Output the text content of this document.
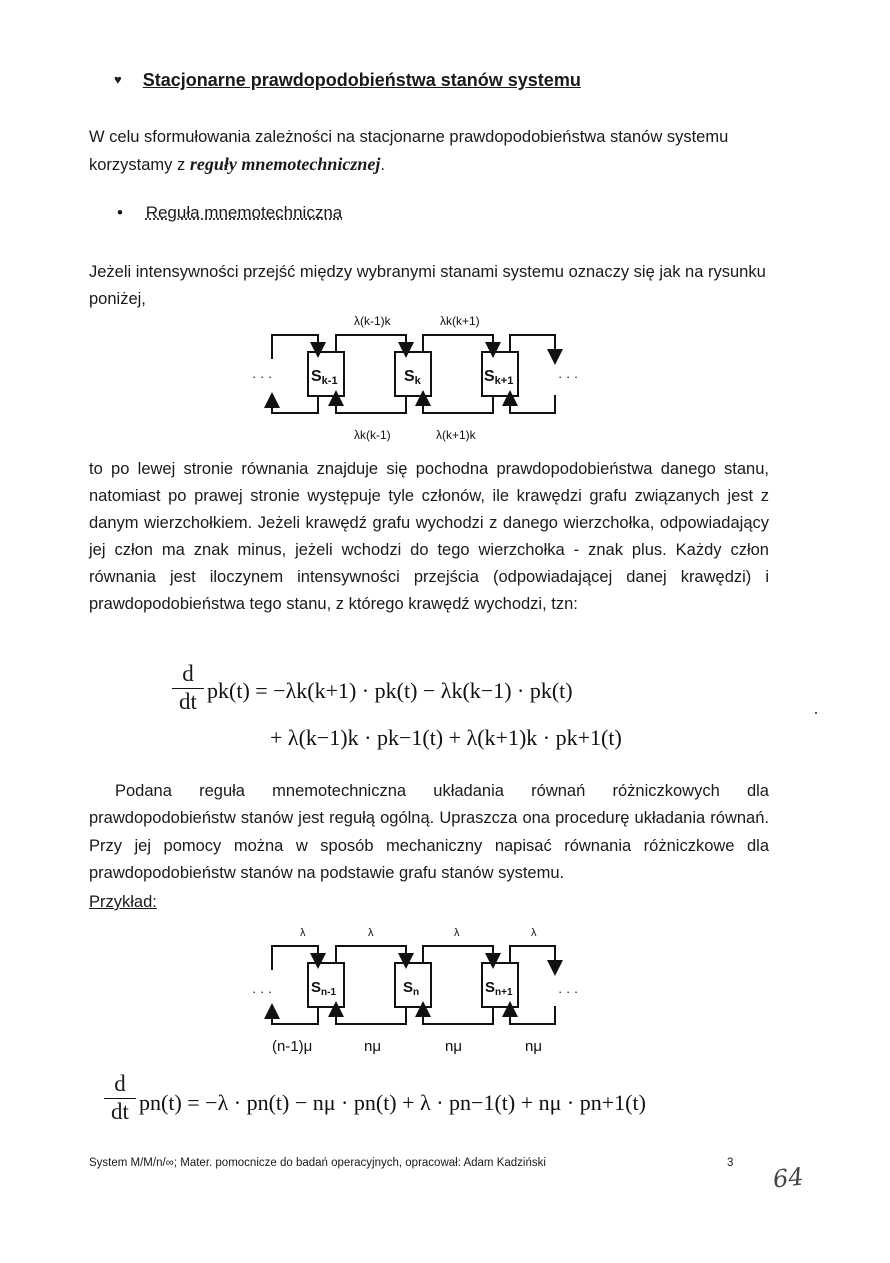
♥ Stacjonarne prawdopodobieństwa stanów systemu
W celu sformułowania zależności na stacjonarne prawdopodobieństwa stanów systemu korzystamy z reguły mnemotechnicznej.
• Reguła mnemotechniczna
Jeżeli intensywności przejść między wybranymi stanami systemu oznaczy się jak na rysunku poniżej,
· · ·	· · ·
Sk-1	Sk	Sk+1
λ(k-1)k	λk(k+1)
λk(k-1)	λ(k+1)k
to po lewej stronie równania znajduje się pochodna prawdopodobieństwa danego stanu, natomiast po prawej stronie występuje tyle członów, ile krawędzi grafu związanych jest z danym wierzchołkiem. Jeżeli krawędź grafu wychodzi z danego wierzchołka, odpowiadający jej człon ma znak minus, jeżeli wchodzi do tego wierzchołka - znak plus. Każdy człon równania jest iloczynem intensywności przejścia (odpowiadającej danej krawędzi) i prawdopodobieństwa tego stanu, z którego krawędź wychodzi, tzn:
d
dt pk(t) = −λk(k+1) · pk(t) − λk(k−1) · pk(t)
+ λ(k−1)k · pk−1(t) + λ(k+1)k · pk+1(t)
Podana reguła mnemotechniczna układania równań różniczkowych dla prawdopodobieństw stanów jest regułą ogólną. Upraszcza ona procedurę układania równań. Przy jej pomocy można w sposób mechaniczny napisać równania różniczkowe dla prawdopodobieństw stanów na podstawie grafu stanów systemu.
Przykład:
· · ·	· · ·
$S_{n-1}$	$S_n$	$S_{n+1}$
λ	λ	λ	λ
(n-1)μ	nμ	nμ	nμ
d
dt pn(t) = −λ · pn(t) − nμ · pn(t) + λ · pn−1(t) + nμ · pn+1(t)
System M/M/n/∞; Mater. pomocnicze do badań operacyjnych, opracował: Adam Kadziński	3 64
